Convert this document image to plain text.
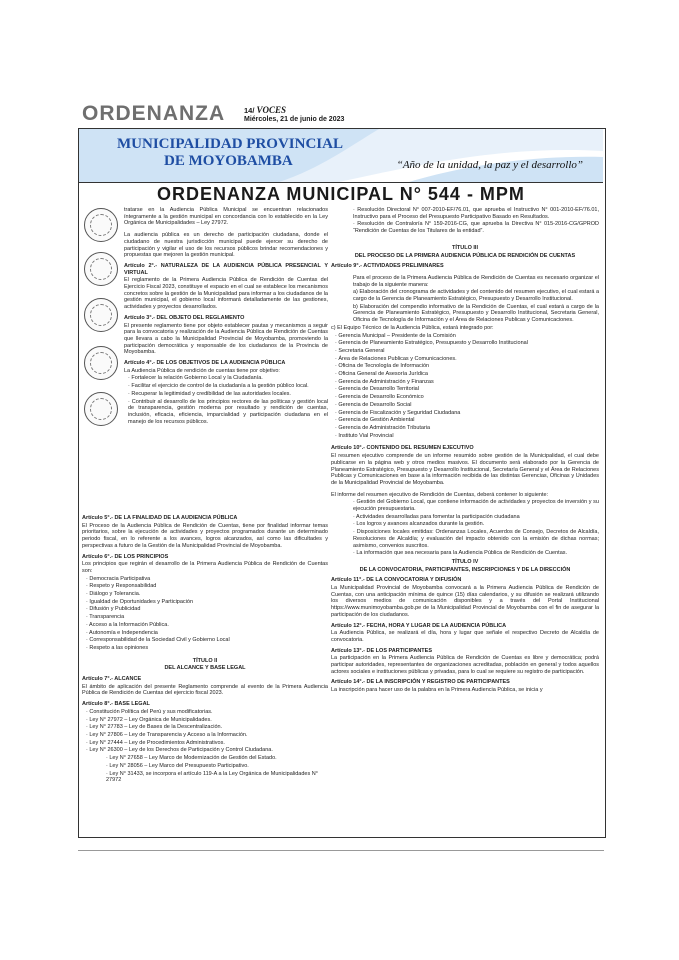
ORDENANZA	14/ VOCES
Miércoles, 21 de junio de 2023
MUNICIPALIDAD PROVINCIAL
DE MOYOBAMBA	“Año de la unidad, la paz y el desarrollo”
ORDENANZA MUNICIPAL N° 544 - MPM

tratarse en la Audiencia Pública Municipal se encuentran relacionados íntegramente a la gestión municipal en concordancia con lo establecido en la Ley Orgánica de Municipalidades – Ley 27972.

La audiencia pública es un derecho de participación ciudadana, donde el ciudadano de nuestra jurisdicción municipal puede ejercer su derecho de participación y vigilar el uso de los recursos públicos brindar recomendaciones y propuestas que mejoren la gestión municipal.

Artículo 2°.- NATURALEZA DE LA AUDIENCIA PÚBLICA PRESENCIAL Y VIRTUAL

El reglamento de la Primera Audiencia Pública de Rendición de Cuentas del Ejercicio Fiscal 2023, constituye el espacio en el cual se establece los mecanismos concretos sobre la gestión de la Municipalidad para informar a los ciudadanos de la gestión municipal, el gobierno local informará detalladamente de las gestiones, actividades y proyectos desarrollados.

Artículo 3°.- DEL OBJETO DEL REGLAMENTO

El presente reglamento tiene por objeto establecer pautas y mecanismos a seguir para la convocatoria y realización de la Audiencia Pública de Rendición de Cuentas que llevara a cabo la Municipalidad Provincial de Moyobamba, promoviendo la participación democrática y responsable de los ciudadanos de la Provincia de Moyobamba.

Artículo 4°.- DE LOS OBJETIVOS DE LA AUDIENCIA PÚBLICA

La Audiencia Pública de rendición de cuentas tiene por objetivo:

· Fortalecer la relación Gobierno Local y la Ciudadanía.

· Facilitar el ejercicio de control de la ciudadanía a la gestión público local.

· Recuperar la legitimidad y credibilidad de las autoridades locales.

· Contribuir al desarrollo de los principios rectores de las políticas y gestión local de transparencia, gestión moderna por resultado y rendición de cuentas, inclusión, eficacia, eficiencia, imparcialidad y participación ciudadana en el manejo de los recursos públicos.

Artículo 5°.- DE LA FINALIDAD DE LA AUDIENCIA PÚBLICA

El Proceso de la Audiencia Pública de Rendición de Cuentas, tiene por finalidad informar temas prioritarios, sobre la ejecución de actividades y proyectos programados durante un determinado periodo fiscal, en lo referente a los avances, logros alcanzados, así como las dificultades y perspectivas a futuro de la Gestión de la Municipalidad Provincial de Moyobamba.

Artículo 6°.- DE LOS PRINCIPIOS

Los principios que regirán el desarrollo de la Primera Audiencia Pública de Rendición de Cuentas son:

· Democracia Participativa

· Respeto y Responsabilidad

· Diálogo y Tolerancia.

· Igualdad de Oportunidades y Participación

· Difusión y Publicidad

· Transparencia

· Acceso a la Información Pública.

· Autonomía e Independencia

· Corresponsabilidad de la Sociedad Civil y Gobierno Local

· Respeto a las opiniones

TÍTULO II

DEL ALCANCE Y BASE LEGAL

Artículo 7°.- ALCANCE

El ámbito de aplicación del presente Reglamento comprende al evento de la Primera Audiencia Pública de Rendición de Cuentas del ejercicio fiscal 2023.

Artículo 8°.- BASE LEGAL

· Constitución Política del Perú y sus modificatorias.

· Ley N° 27972 – Ley Orgánica de Municipalidades.

· Ley N° 27783 – Ley de Bases de la Descentralización.

· Ley N° 27806 – Ley de Transparencia y Acceso a la Información.

· Ley N° 27444 – Ley de Procedimientos Administrativos.

· Ley N° 26300 – Ley de los Derechos de Participación y Control Ciudadana.

· Ley N° 27658 – Ley Marco de Modernización de Gestión del Estado.

· Ley N° 28056 – Ley Marco del Presupuesto Participativo.

· Ley N° 31433, se incorpora el artículo 119-A a la Ley Orgánica de Municipalidades N° 27972

· Resolución Directoral N° 007-2010-EF/76.01, que aprueba el Instructivo N° 001-2010-EF/76.01, Instructivo para el Proceso del Presupuesto Participativo Basado en Resultados.

· Resolución de Contraloría N° 159-2016-CG, que aprueba la Directiva N° 015-2016-CG/GPROD “Rendición de Cuentas de los Titulares de la entidad”.

TÍTULO III

DEL PROCESO DE LA PRIMERA AUDIENCIA PÚBLICA DE RENDICIÓN DE CUENTAS

Artículo 9°.- ACTIVIDADES PRELIMINARES

Para el proceso de la Primera Audiencia Pública de Rendición de Cuentas es necesario organizar el trabajo de la siguiente manera:

a) Elaboración del cronograma de actividades y del contenido del resumen ejecutivo, el cual estará a cargo de la Gerencia de Planeamiento Estratégico, Presupuesto y Desarrollo Institucional.

b) Elaboración del compendio informativo de la Rendición de Cuentas, el cual estará a cargo de la Gerencia de Planeamiento Estratégico, Presupuesto y Desarrollo Institucional, Secretaria General, Oficina de Tecnología de Información y el Área de Relaciones Publicas y Comunicaciones.

c) El Equipo Técnico de la Audiencia Pública, estará integrado por:

· Gerencia Municipal – Presidente de la Comisión

· Gerencia de Planeamiento Estratégico, Presupuesto y Desarrollo Institucional

· Secretaria General

· Área de Relaciones Publicas y Comunicaciones.

· Oficina de Tecnología de Información

· Oficina General de Asesoría Jurídica

· Gerencia de Administración y Finanzas

· Gerencia de Desarrollo Territorial

· Gerencia de Desarrollo Económico

· Gerencia de Desarrollo Social

· Gerencia de Fiscalización y Seguridad Ciudadana

· Gerencia de Gestión Ambiental

· Gerencia de Administración Tributaria

· Instituto Vial Provincial

Artículo 10°.- CONTENIDO DEL RESUMEN EJECUTIVO

El resumen ejecutivo comprende de un informe resumido sobre gestión de la Municipalidad, el cual debe publicarse en la página web y otros medios masivos. El documento será elaborado por la Gerencia de Planeamiento Estratégico, Presupuesto y Desarrollo Institucional, Secretaría General y el Área de Relaciones Publicas y Comunicaciones en base a la información recibida de las distintas Gerencias, Oficinas y Unidades de la Municipalidad Provincial de Moyobamba.

El informe del resumen ejecutivo de Rendición de Cuentas, deberá contener lo siguiente:

· Gestión del Gobierno Local, que contiene información de actividades y proyectos de inversión y su ejecución presupuestaria.

· Actividades desarrolladas para fomentar la participación ciudadana

· Los logros y avances alcanzados durante la gestión.

· Disposiciones locales emitidas: Ordenanzas Locales, Acuerdos de Consejo, Decretos de Alcaldía, Resoluciones de Alcaldía; y evaluación del impacto obtenido con la emisión de dichas normas; asimismo, convenios suscritos.

· La información que sea necesaria para la Audiencia Pública de Rendición de Cuentas.

TÍTULO IV

DE LA CONVOCATORIA, PARTICIPANTES, INSCRIPCIONES Y DE LA DIRECCIÓN

Artículo 11°.- DE LA CONVOCATORIA Y DIFUSIÓN

La Municipalidad Provincial de Moyobamba convocará a la Primera Audiencia Pública de Rendición de Cuentas, con una anticipación mínima de quince (15) días calendarios, y su difusión se realizará utilizando los diversos medios de comunicación disponibles y a través del Portal Institucional https://www.munimoyobamba.gob.pe de la Municipalidad Provincial de Moyobamba con el fin de asegurar la participación de los ciudadanos.

Artículo 12°.- FECHA, HORA Y LUGAR DE LA AUDIENCIA PÚBLICA

La Audiencia Pública, se realizará el día, hora y lugar que señale el respectivo Decreto de Alcaldía de convocatoria.

Artículo 13°.- DE LOS PARTICIPANTES

La participación en la Primera Audiencia Pública de Rendición de Cuentas es libre y democrática; podrá participar autoridades, representantes de organizaciones acreditadas, población en general y todos aquellos actores sociales e instituciones públicas y privadas, para lo cual se requiere su registro de participación.

Artículo 14°.- DE LA INSCRIPCIÓN Y REGISTRO DE PARTICIPANTES

La inscripción para hacer uso de la palabra en la Primera Audiencia Pública, se inicia y
